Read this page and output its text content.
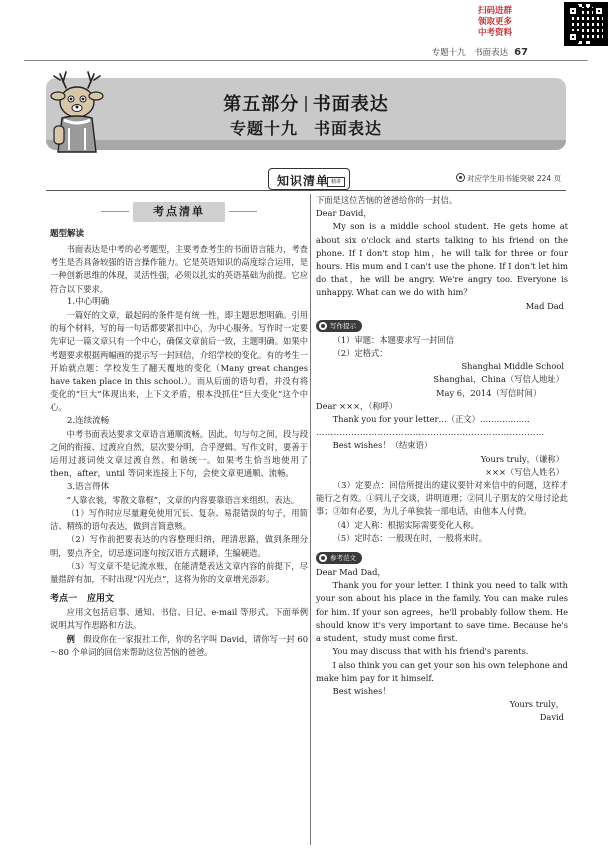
扫码进群
领取更多
中考资料
专题十九　书面表达 67
第五部分 书面表达
专题十九 书面表达
知识清单 精讲	对应学生用书能突破 224 页
考点清单
题型解读

书面表达是中考的必考题型，主要考查考生的书面语言能力，考查考生是否具备较强的语言操作能力。它是英语知识的高度综合运用，是一种创新思维的体现，灵活性强，必须以扎实的英语基础为前提。它应符合以下要求。

1.中心明确

一篇好的文章，最起码的条件是有统一性，即主题思想明确。引用的每个材料，写的每一句话都要紧扣中心，为中心服务。写作时一定要先审记一篇文章只有一个中心，确保文章前后一致，主题明确。如果中考题要求根据两幅画的提示写一封回信，介绍学校的变化。有的考生一开始就点题：学校发生了翻天覆地的变化（Many great changes have taken place in this school.）。而从后面的语句看，并没有将变化的“巨大”体现出来，上下文矛盾，根本没抓住“巨大变化”这个中心。

2.连续流畅

中考书面表达要求文章语言通顺流畅。因此，句与句之间，段与段之间的衔接、过渡应自然，层次要分明，合乎逻辑。写作文时，要善于运用过渡词使文章过渡自然、和谐统一。如果考生恰当地使用了 then，after，until 等词来连接上下句，会使文章更通顺、流畅。

3.语言得体

“人靠衣装，零散文靠框”，文章的内容要靠语言来组织、表达。

（1）写作时应尽量避免使用冗长、复杂、易混错误的句子，用简洁、精练的语句表达，做到言简意赅。

（2）写作前把要表达的内容整理归纳，理清思路，做到条理分明，要点齐全，切忌逐词逐句按汉语方式翻译，生编硬造。

（3）写文章不是记流水账，在能清楚表达文章内容的前提下，尽量措辞有加，不时出现“闪光点”，这将为你的文章增光添彩。

考点一 应用文

应用文包括启事、通知、书信、日记、e-mail 等形式。下面举例说明其写作思路和方法。

例　 假设你在一家报社工作，你的名字叫 David，请你写一封 60～80 个单词的回信来帮助这位苦恼的爸爸。

下面是这位苦恼的爸爸给你的一封信。

Dear David，

My son is a middle school student. He gets home at about six o'clock and starts talking to his friend on the phone. If I don't stop him，he will talk for three or four hours. His mum and I can't use the phone. If I don't let him do that，he will be angry. We're angry too. Everyone is unhappy. What can we do with him？

Mad Dad

写作提示

（1）审题：本题要求写一封回信

（2）定格式：

Shanghai Middle School

Shanghai，China（写信人地址）

May 6，2014（写信时间）

Dear ×××，（称呼）

Thank you for your letter…（正文）………………

……………………………………………………………………

Best wishes！（结束语）

Yours truly，（谦称）

×××（写信人姓名）

（3）定要点：回信所提出的建议要针对来信中的问题，这样才能行之有效。①同儿子交谈，讲明道理；②同儿子朋友的父母讨论此事；③如有必要，为儿子单独装一部电话，由他本人付费。

（4）定人称：根据实际需要变化人称。

（5）定时态：一般现在时，一般将来时。

参考范文

Dear Mad Dad，

Thank you for your letter. I think you need to talk with your son about his place in the family. You can make rules for him. If your son agrees，he'll probably follow them. He should know it's very important to save time. Because he's a student，study must come first.

You may discuss that with his friend's parents.

I also think you can get your son his own telephone and make him pay for it himself.

Best wishes！

Yours truly，

David
